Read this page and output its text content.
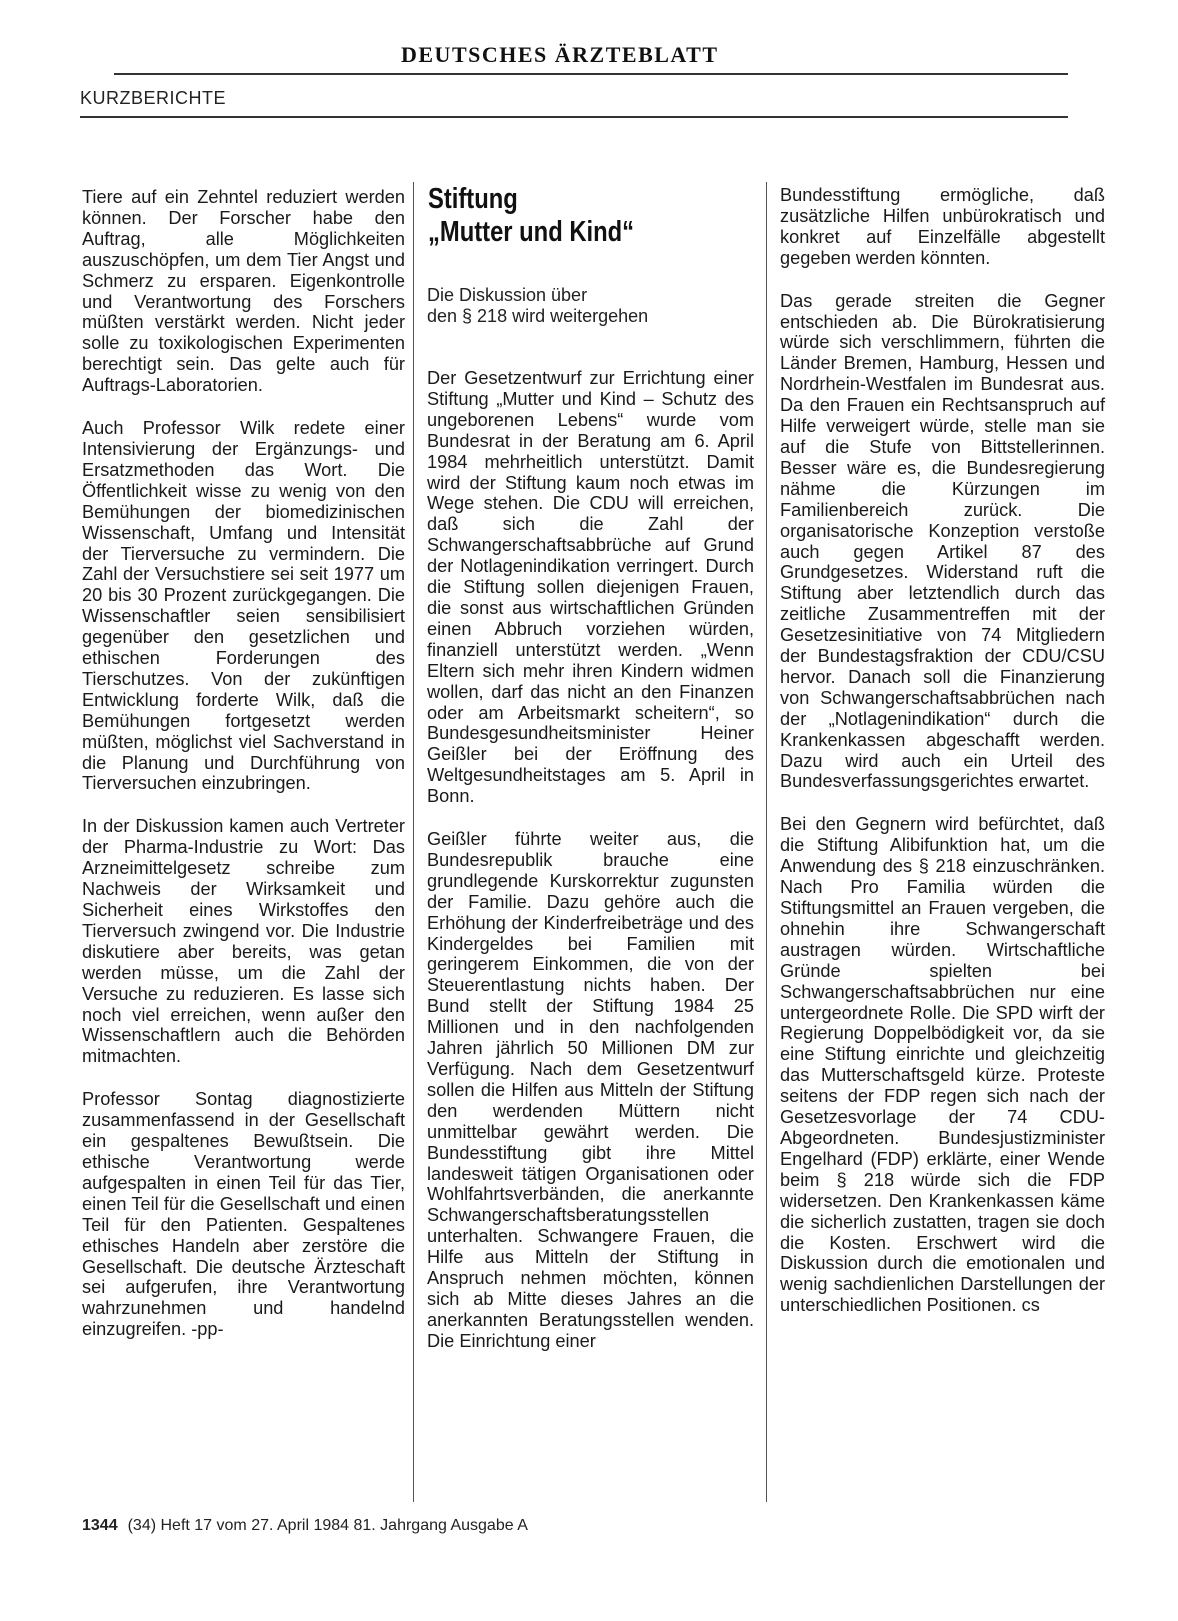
DEUTSCHES ÄRZTEBLATT
KURZBERICHTE

Tiere auf ein Zehntel reduziert werden können. Der Forscher habe den Auftrag, alle Möglichkeiten auszuschöpfen, um dem Tier Angst und Schmerz zu ersparen. Eigenkontrolle und Verantwortung des Forschers müßten verstärkt werden. Nicht jeder solle zu toxikologischen Experimenten berechtigt sein. Das gelte auch für Auftrags-Laboratorien.

Auch Professor Wilk redete einer Intensivierung der Ergänzungs- und Ersatzmethoden das Wort. Die Öffentlichkeit wisse zu wenig von den Bemühungen der biomedizinischen Wissenschaft, Umfang und Intensität der Tierversuche zu vermindern. Die Zahl der Versuchstiere sei seit 1977 um 20 bis 30 Prozent zurückgegangen. Die Wissenschaftler seien sensibilisiert gegenüber den gesetzlichen und ethischen Forderungen des Tierschutzes. Von der zukünftigen Entwicklung forderte Wilk, daß die Bemühungen fortgesetzt werden müßten, möglichst viel Sachverstand in die Planung und Durchführung von Tierversuchen einzubringen.

In der Diskussion kamen auch Vertreter der Pharma-Industrie zu Wort: Das Arzneimittelgesetz schreibe zum Nachweis der Wirksamkeit und Sicherheit eines Wirkstoffes den Tierversuch zwingend vor. Die Industrie diskutiere aber bereits, was getan werden müsse, um die Zahl der Versuche zu reduzieren. Es lasse sich noch viel erreichen, wenn außer den Wissenschaftlern auch die Behörden mitmachten.

Professor Sontag diagnostizierte zusammenfassend in der Gesellschaft ein gespaltenes Bewußtsein. Die ethische Verantwortung werde aufgespalten in einen Teil für das Tier, einen Teil für die Gesellschaft und einen Teil für den Patienten. Gespaltenes ethisches Handeln aber zerstöre die Gesellschaft. Die deutsche Ärzteschaft sei aufgerufen, ihre Verantwortung wahrzunehmen und handelnd einzugreifen. -pp-

Stiftung
„Mutter und Kind“
Die Diskussion über
den § 218 wird weitergehen

Der Gesetzentwurf zur Errichtung einer Stiftung „Mutter und Kind – Schutz des ungeborenen Lebens“ wurde vom Bundesrat in der Beratung am 6. April 1984 mehrheitlich unterstützt. Damit wird der Stiftung kaum noch etwas im Wege stehen. Die CDU will erreichen, daß sich die Zahl der Schwangerschaftsabbrüche auf Grund der Notlagenindikation verringert. Durch die Stiftung sollen diejenigen Frauen, die sonst aus wirtschaftlichen Gründen einen Abbruch vorziehen würden, finanziell unterstützt werden. „Wenn Eltern sich mehr ihren Kindern widmen wollen, darf das nicht an den Finanzen oder am Arbeitsmarkt scheitern“, so Bundesgesundheitsminister Heiner Geißler bei der Eröffnung des Weltgesundheitstages am 5. April in Bonn.

Geißler führte weiter aus, die Bundesrepublik brauche eine grundlegende Kurskorrektur zugunsten der Familie. Dazu gehöre auch die Erhöhung der Kinderfreibeträge und des Kindergeldes bei Familien mit geringerem Einkommen, die von der Steuerentlastung nichts haben. Der Bund stellt der Stiftung 1984 25 Millionen und in den nachfolgenden Jahren jährlich 50 Millionen DM zur Verfügung. Nach dem Gesetzentwurf sollen die Hilfen aus Mitteln der Stiftung den werdenden Müttern nicht unmittelbar gewährt werden. Die Bundesstiftung gibt ihre Mittel landesweit tätigen Organisationen oder Wohlfahrtsverbänden, die anerkannte Schwangerschaftsberatungsstellen unterhalten. Schwangere Frauen, die Hilfe aus Mitteln der Stiftung in Anspruch nehmen möchten, können sich ab Mitte dieses Jahres an die anerkannten Beratungsstellen wenden. Die Einrichtung einer

Bundesstiftung ermögliche, daß zusätzliche Hilfen unbürokratisch und konkret auf Einzelfälle abgestellt gegeben werden könnten.

Das gerade streiten die Gegner entschieden ab. Die Bürokratisierung würde sich verschlimmern, führten die Länder Bremen, Hamburg, Hessen und Nordrhein-Westfalen im Bundesrat aus. Da den Frauen ein Rechtsanspruch auf Hilfe verweigert würde, stelle man sie auf die Stufe von Bittstellerinnen. Besser wäre es, die Bundesregierung nähme die Kürzungen im Familienbereich zurück. Die organisatorische Konzeption verstoße auch gegen Artikel 87 des Grundgesetzes. Widerstand ruft die Stiftung aber letztendlich durch das zeitliche Zusammentreffen mit der Gesetzesinitiative von 74 Mitgliedern der Bundestagsfraktion der CDU/CSU hervor. Danach soll die Finanzierung von Schwangerschaftsabbrüchen nach der „Notlagenindikation“ durch die Krankenkassen abgeschafft werden. Dazu wird auch ein Urteil des Bundesverfassungsgerichtes erwartet.

Bei den Gegnern wird befürchtet, daß die Stiftung Alibifunktion hat, um die Anwendung des § 218 einzuschränken. Nach Pro Familia würden die Stiftungsmittel an Frauen vergeben, die ohnehin ihre Schwangerschaft austragen würden. Wirtschaftliche Gründe spielten bei Schwangerschaftsabbrüchen nur eine untergeordnete Rolle. Die SPD wirft der Regierung Doppelbödigkeit vor, da sie eine Stiftung einrichte und gleichzeitig das Mutterschaftsgeld kürze. Proteste seitens der FDP regen sich nach der Gesetzesvorlage der 74 CDU-Abgeordneten. Bundesjustizminister Engelhard (FDP) erklärte, einer Wende beim § 218 würde sich die FDP widersetzen. Den Krankenkassen käme die sicherlich zustatten, tragen sie doch die Kosten. Erschwert wird die Diskussion durch die emotionalen und wenig sachdienlichen Darstellungen der unterschiedlichen Positionen. cs

1344 (34) Heft 17 vom 27. April 1984 81. Jahrgang Ausgabe A
